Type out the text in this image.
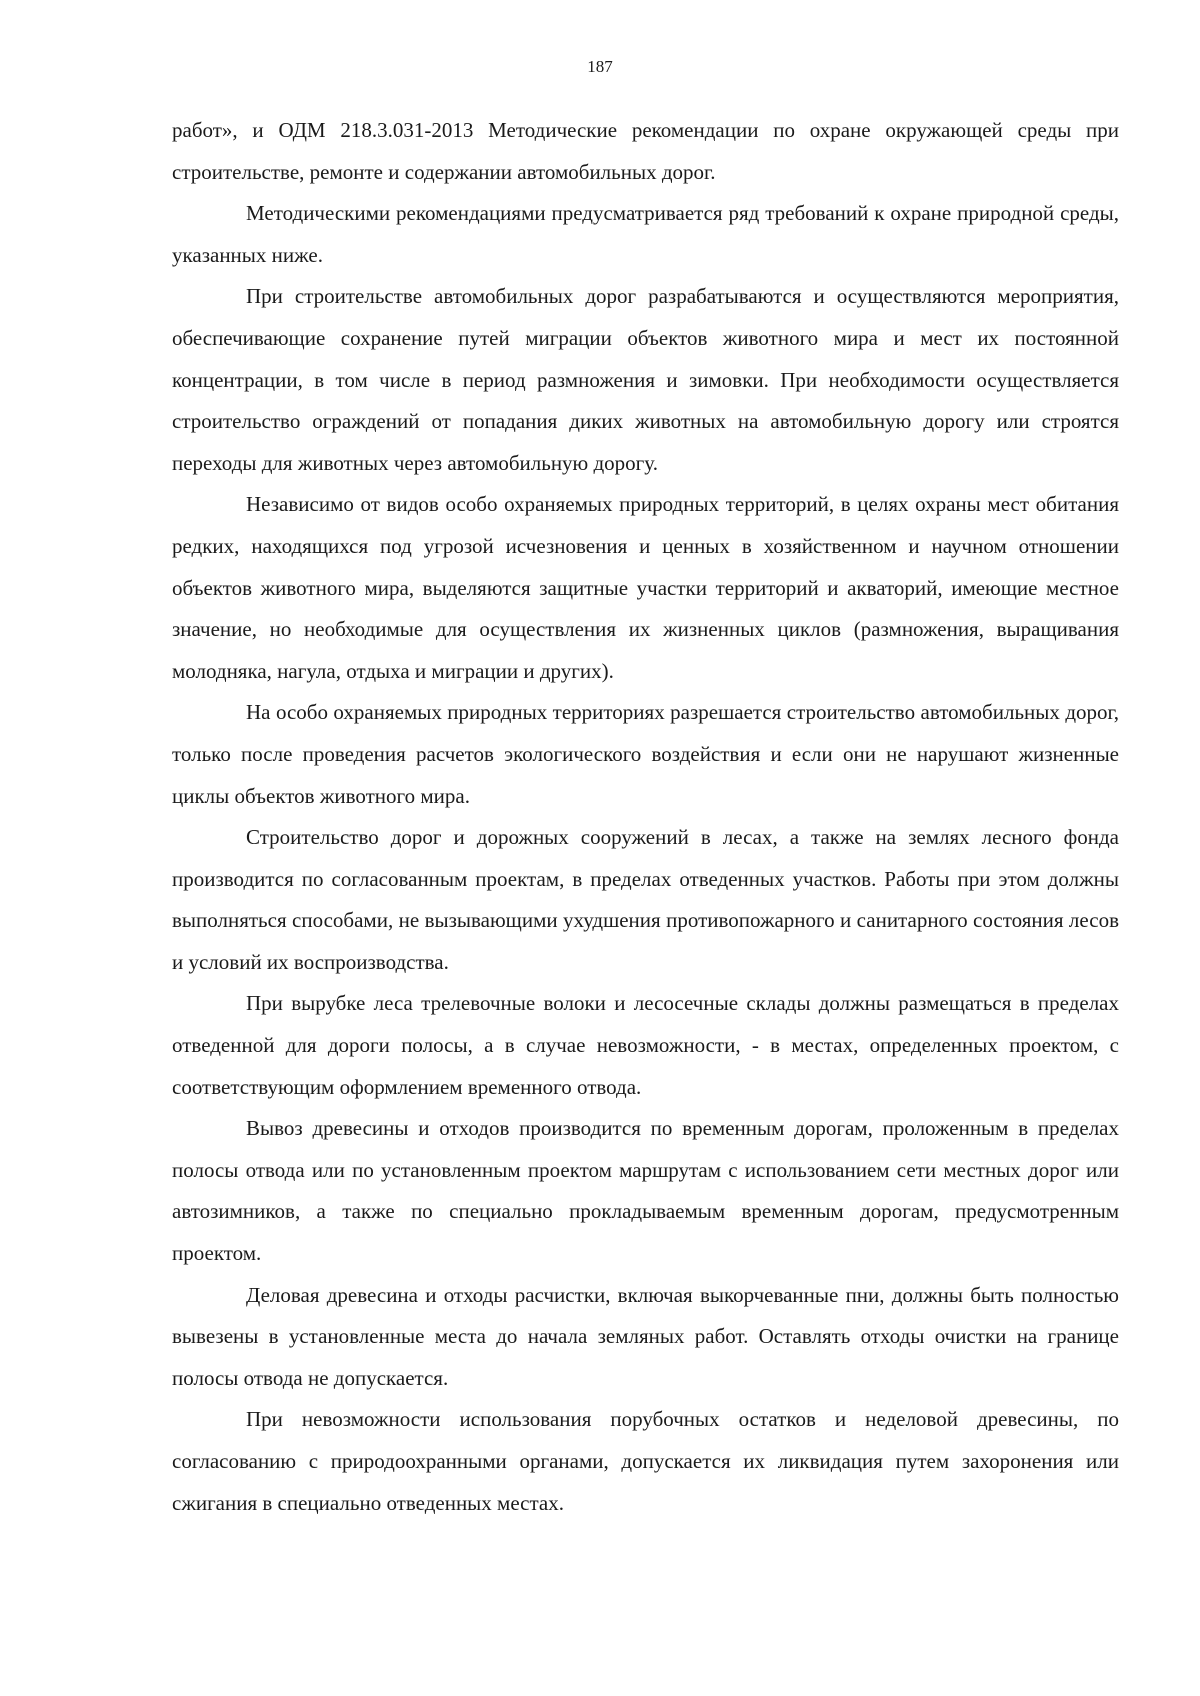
187

работ», и ОДМ 218.3.031-2013 Методические рекомендации по охране окружающей среды при строительстве, ремонте и содержании автомобильных дорог.

Методическими рекомендациями предусматривается ряд требований к охране природной среды, указанных ниже.

При строительстве автомобильных дорог разрабатываются и осуществляются мероприятия, обеспечивающие сохранение путей миграции объектов животного мира и мест их постоянной концентрации, в том числе в период размножения и зимовки. При необходимости осуществляется строительство ограждений от попадания диких животных на автомобильную дорогу или строятся переходы для животных через автомобильную дорогу.

Независимо от видов особо охраняемых природных территорий, в целях охраны мест обитания редких, находящихся под угрозой исчезновения и ценных в хозяйственном и научном отношении объектов животного мира, выделяются защитные участки территорий и акваторий, имеющие местное значение, но необходимые для осуществления их жизненных циклов (размножения, выращивания молодняка, нагула, отдыха и миграции и других).

На особо охраняемых природных территориях разрешается строительство автомобильных дорог, только после проведения расчетов экологического воздействия и если они не нарушают жизненные циклы объектов животного мира.

Строительство дорог и дорожных сооружений в лесах, а также на землях лесного фонда производится по согласованным проектам, в пределах отведенных участков. Работы при этом должны выполняться способами, не вызывающими ухудшения противопожарного и санитарного состояния лесов и условий их воспроизводства.

При вырубке леса трелевочные волоки и лесосечные склады должны размещаться в пределах отведенной для дороги полосы, а в случае невозможности, - в местах, определенных проектом, с соответствующим оформлением временного отвода.

Вывоз древесины и отходов производится по временным дорогам, проложенным в пределах полосы отвода или по установленным проектом маршрутам с использованием сети местных дорог или автозимников, а также по специально прокладываемым временным дорогам, предусмотренным проектом.

Деловая древесина и отходы расчистки, включая выкорчеванные пни, должны быть полностью вывезены в установленные места до начала земляных работ. Оставлять отходы очистки на границе полосы отвода не допускается.

При невозможности использования порубочных остатков и неделовой древесины, по согласованию с природоохранными органами, допускается их ликвидация путем захоронения или сжигания в специально отведенных местах.
